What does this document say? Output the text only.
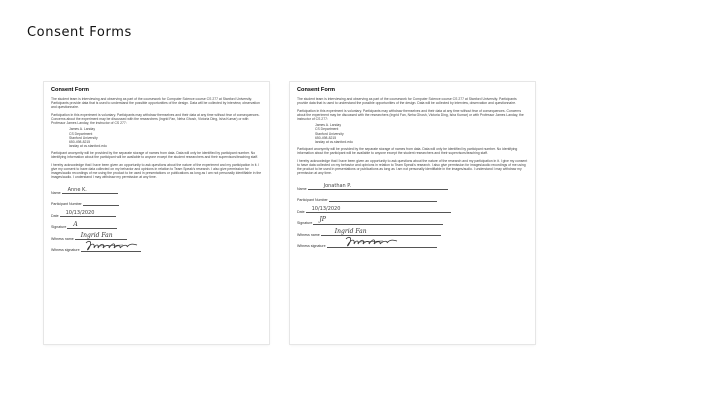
Consent Forms
Consent Form

The student team is interviewing and observing as part of the coursework for Computer Science course CS 277 at Stanford University. Participants provide data that is used to understand the possible opportunities of the design. Data will be collected by interview, observation and questionnaire.

Participation in this experiment is voluntary. Participants may withdraw themselves and their data at any time without fear of consequences. Concerns about the experiment may be discussed with the researchers (Ingrid Fan, Neha Ghosh, Victoria Ding, Isha Kumar) or with Professor James Landay, the instructor of CS 277:

James A. Landay
CS Department
Stanford University
650-498-8215
landay at cs.stanford.edu

Participant anonymity will be provided by the separate storage of names from data. Data will only be identified by participant number. No identifying information about the participant will be available to anyone except the student researchers and their supervisors/teaching staff.

I hereby acknowledge that I have been given an opportunity to ask questions about the nature of the experiment and my participation in it. I give my consent to have data collected on my behavior and opinions in relation to Team Speak's research. I also give permission for images/audio recordings of me using the product to be used in presentations or publications as long as I am not personally identifiable in the images/audio. I understand I may withdraw my permission at any time.

Name Anne K.
Participant Number
Date 10/13/2020
Signature A
Witness name Ingrid Fan
Witness signature
Consent Form

The student team is interviewing and observing as part of the coursework for Computer Science course CS 277 at Stanford University. Participants provide data that is used to understand the possible opportunities of the design. Data will be collected by interview, observation and questionnaire.

Participation in this experiment is voluntary. Participants may withdraw themselves and their data at any time without fear of consequences. Concerns about the experiment may be discussed with the researchers (Ingrid Fan, Neha Ghosh, Victoria Ding, Isha Kumar) or with Professor James Landay, the instructor of CS 277:

James A. Landay
CS Department
Stanford University
650-498-8215
landay at cs.stanford.edu

Participant anonymity will be provided by the separate storage of names from data. Data will only be identified by participant number. No identifying information about the participant will be available to anyone except the student researchers and their supervisors/teaching staff.

I hereby acknowledge that I have been given an opportunity to ask questions about the nature of the research and my participation in it. I give my consent to have data collected on my behavior and opinions in relation to Team Speak's research. I also give permission for images/audio recordings of me using the product to be used in presentations or publications as long as I am not personally identifiable in the images/audio. I understand I may withdraw my permission at any time.

Name	Jonathan P.
Participant Number
Date 10/13/2020
Signature JP
Witness name	Ingrid Fan
Witness signature
